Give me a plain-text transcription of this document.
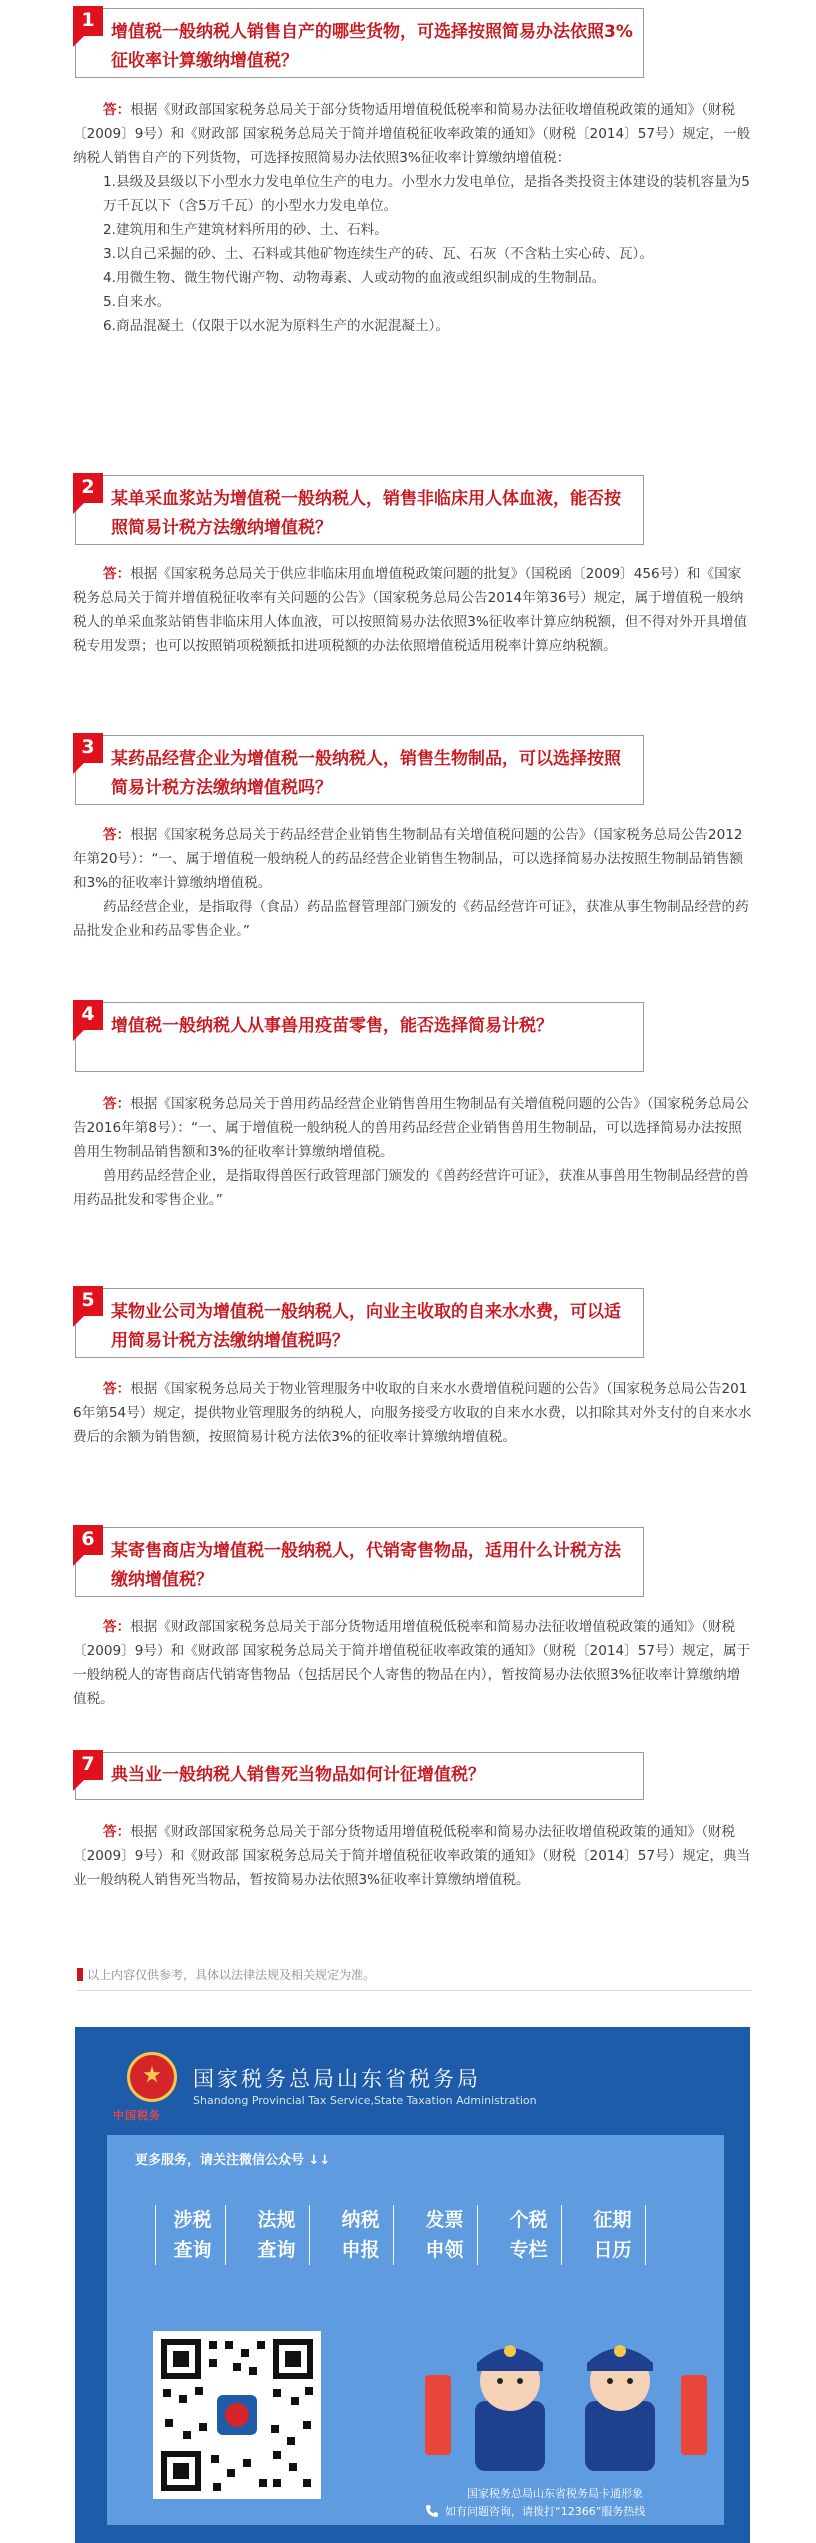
1
增值税一般纳税人销售自产的哪些货物，可选择按照简易办法依照3%征收率计算缴纳增值税？

答：根据《财政部国家税务总局关于部分货物适用增值税低税率和简易办法征收增值税政策的通知》（财税〔2009〕9号）和《财政部 国家税务总局关于简并增值税征收率政策的通知》（财税〔2014〕57号）规定，一般纳税人销售自产的下列货物，可选择按照简易办法依照3%征收率计算缴纳增值税：

1.县级及县级以下小型水力发电单位生产的电力。小型水力发电单位，是指各类投资主体建设的装机容量为5万千瓦以下（含5万千瓦）的小型水力发电单位。

2.建筑用和生产建筑材料所用的砂、土、石料。

3.以自己采掘的砂、土、石料或其他矿物连续生产的砖、瓦、石灰（不含粘土实心砖、瓦）。

4.用微生物、微生物代谢产物、动物毒素、人或动物的血液或组织制成的生物制品。

5.自来水。

6.商品混凝土（仅限于以水泥为原料生产的水泥混凝土）。

2
某单采血浆站为增值税一般纳税人，销售非临床用人体血液，能否按照简易计税方法缴纳增值税？

答：根据《国家税务总局关于供应非临床用血增值税政策问题的批复》（国税函〔2009〕456号）和《国家税务总局关于简并增值税征收率有关问题的公告》（国家税务总局公告2014年第36号）规定，属于增值税一般纳税人的单采血浆站销售非临床用人体血液，可以按照简易办法依照3%征收率计算应纳税额，但不得对外开具增值税专用发票；也可以按照销项税额抵扣进项税额的办法依照增值税适用税率计算应纳税额。

3
某药品经营企业为增值税一般纳税人，销售生物制品，可以选择按照简易计税方法缴纳增值税吗？

答：根据《国家税务总局关于药品经营企业销售生物制品有关增值税问题的公告》（国家税务总局公告2012年第20号）：“一、属于增值税一般纳税人的药品经营企业销售生物制品，可以选择简易办法按照生物制品销售额和3%的征收率计算缴纳增值税。

药品经营企业，是指取得（食品）药品监督管理部门颁发的《药品经营许可证》，获准从事生物制品经营的药品批发企业和药品零售企业。”

4
增值税一般纳税人从事兽用疫苗零售，能否选择简易计税？

答：根据《国家税务总局关于兽用药品经营企业销售兽用生物制品有关增值税问题的公告》（国家税务总局公告2016年第8号）：“一、属于增值税一般纳税人的兽用药品经营企业销售兽用生物制品，可以选择简易办法按照兽用生物制品销售额和3%的征收率计算缴纳增值税。

兽用药品经营企业，是指取得兽医行政管理部门颁发的《兽药经营许可证》，获准从事兽用生物制品经营的兽用药品批发和零售企业。”

5
某物业公司为增值税一般纳税人，向业主收取的自来水水费，可以适用简易计税方法缴纳增值税吗？

答：根据《国家税务总局关于物业管理服务中收取的自来水水费增值税问题的公告》（国家税务总局公告2016年第54号）规定，提供物业管理服务的纳税人，向服务接受方收取的自来水水费，以扣除其对外支付的自来水水费后的余额为销售额，按照简易计税方法依3%的征收率计算缴纳增值税。

6
某寄售商店为增值税一般纳税人，代销寄售物品，适用什么计税方法缴纳增值税？

答：根据《财政部国家税务总局关于部分货物适用增值税低税率和简易办法征收增值税政策的通知》（财税〔2009〕9号）和《财政部 国家税务总局关于简并增值税征收率政策的通知》（财税〔2014〕57号）规定，属于一般纳税人的寄售商店代销寄售物品（包括居民个人寄售的物品在内），暂按简易办法依照3%征收率计算缴纳增值税。

7 典当业一般纳税人销售死当物品如何计征增值税？

答：根据《财政部国家税务总局关于部分货物适用增值税低税率和简易办法征收增值税政策的通知》（财税〔2009〕9号）和《财政部 国家税务总局关于简并增值税征收率政策的通知》（财税〔2014〕57号）规定，典当业一般纳税人销售死当物品，暂按简易办法依照3%征收率计算缴纳增值税。

以上内容仅供参考，具体以法律法规及相关规定为准。
中国税务
国家税务总局山东省税务局
Shandong Provincial Tax Service,State Taxation Administration
更多服务，请关注微信公众号 ↓↓
涉税
查询
法规
查询
纳税
申报
发票
申领
个税
专栏
征期
日历
国家税务总局山东省税务局卡通形象
如有问题咨询，请拨打“12366”服务热线
